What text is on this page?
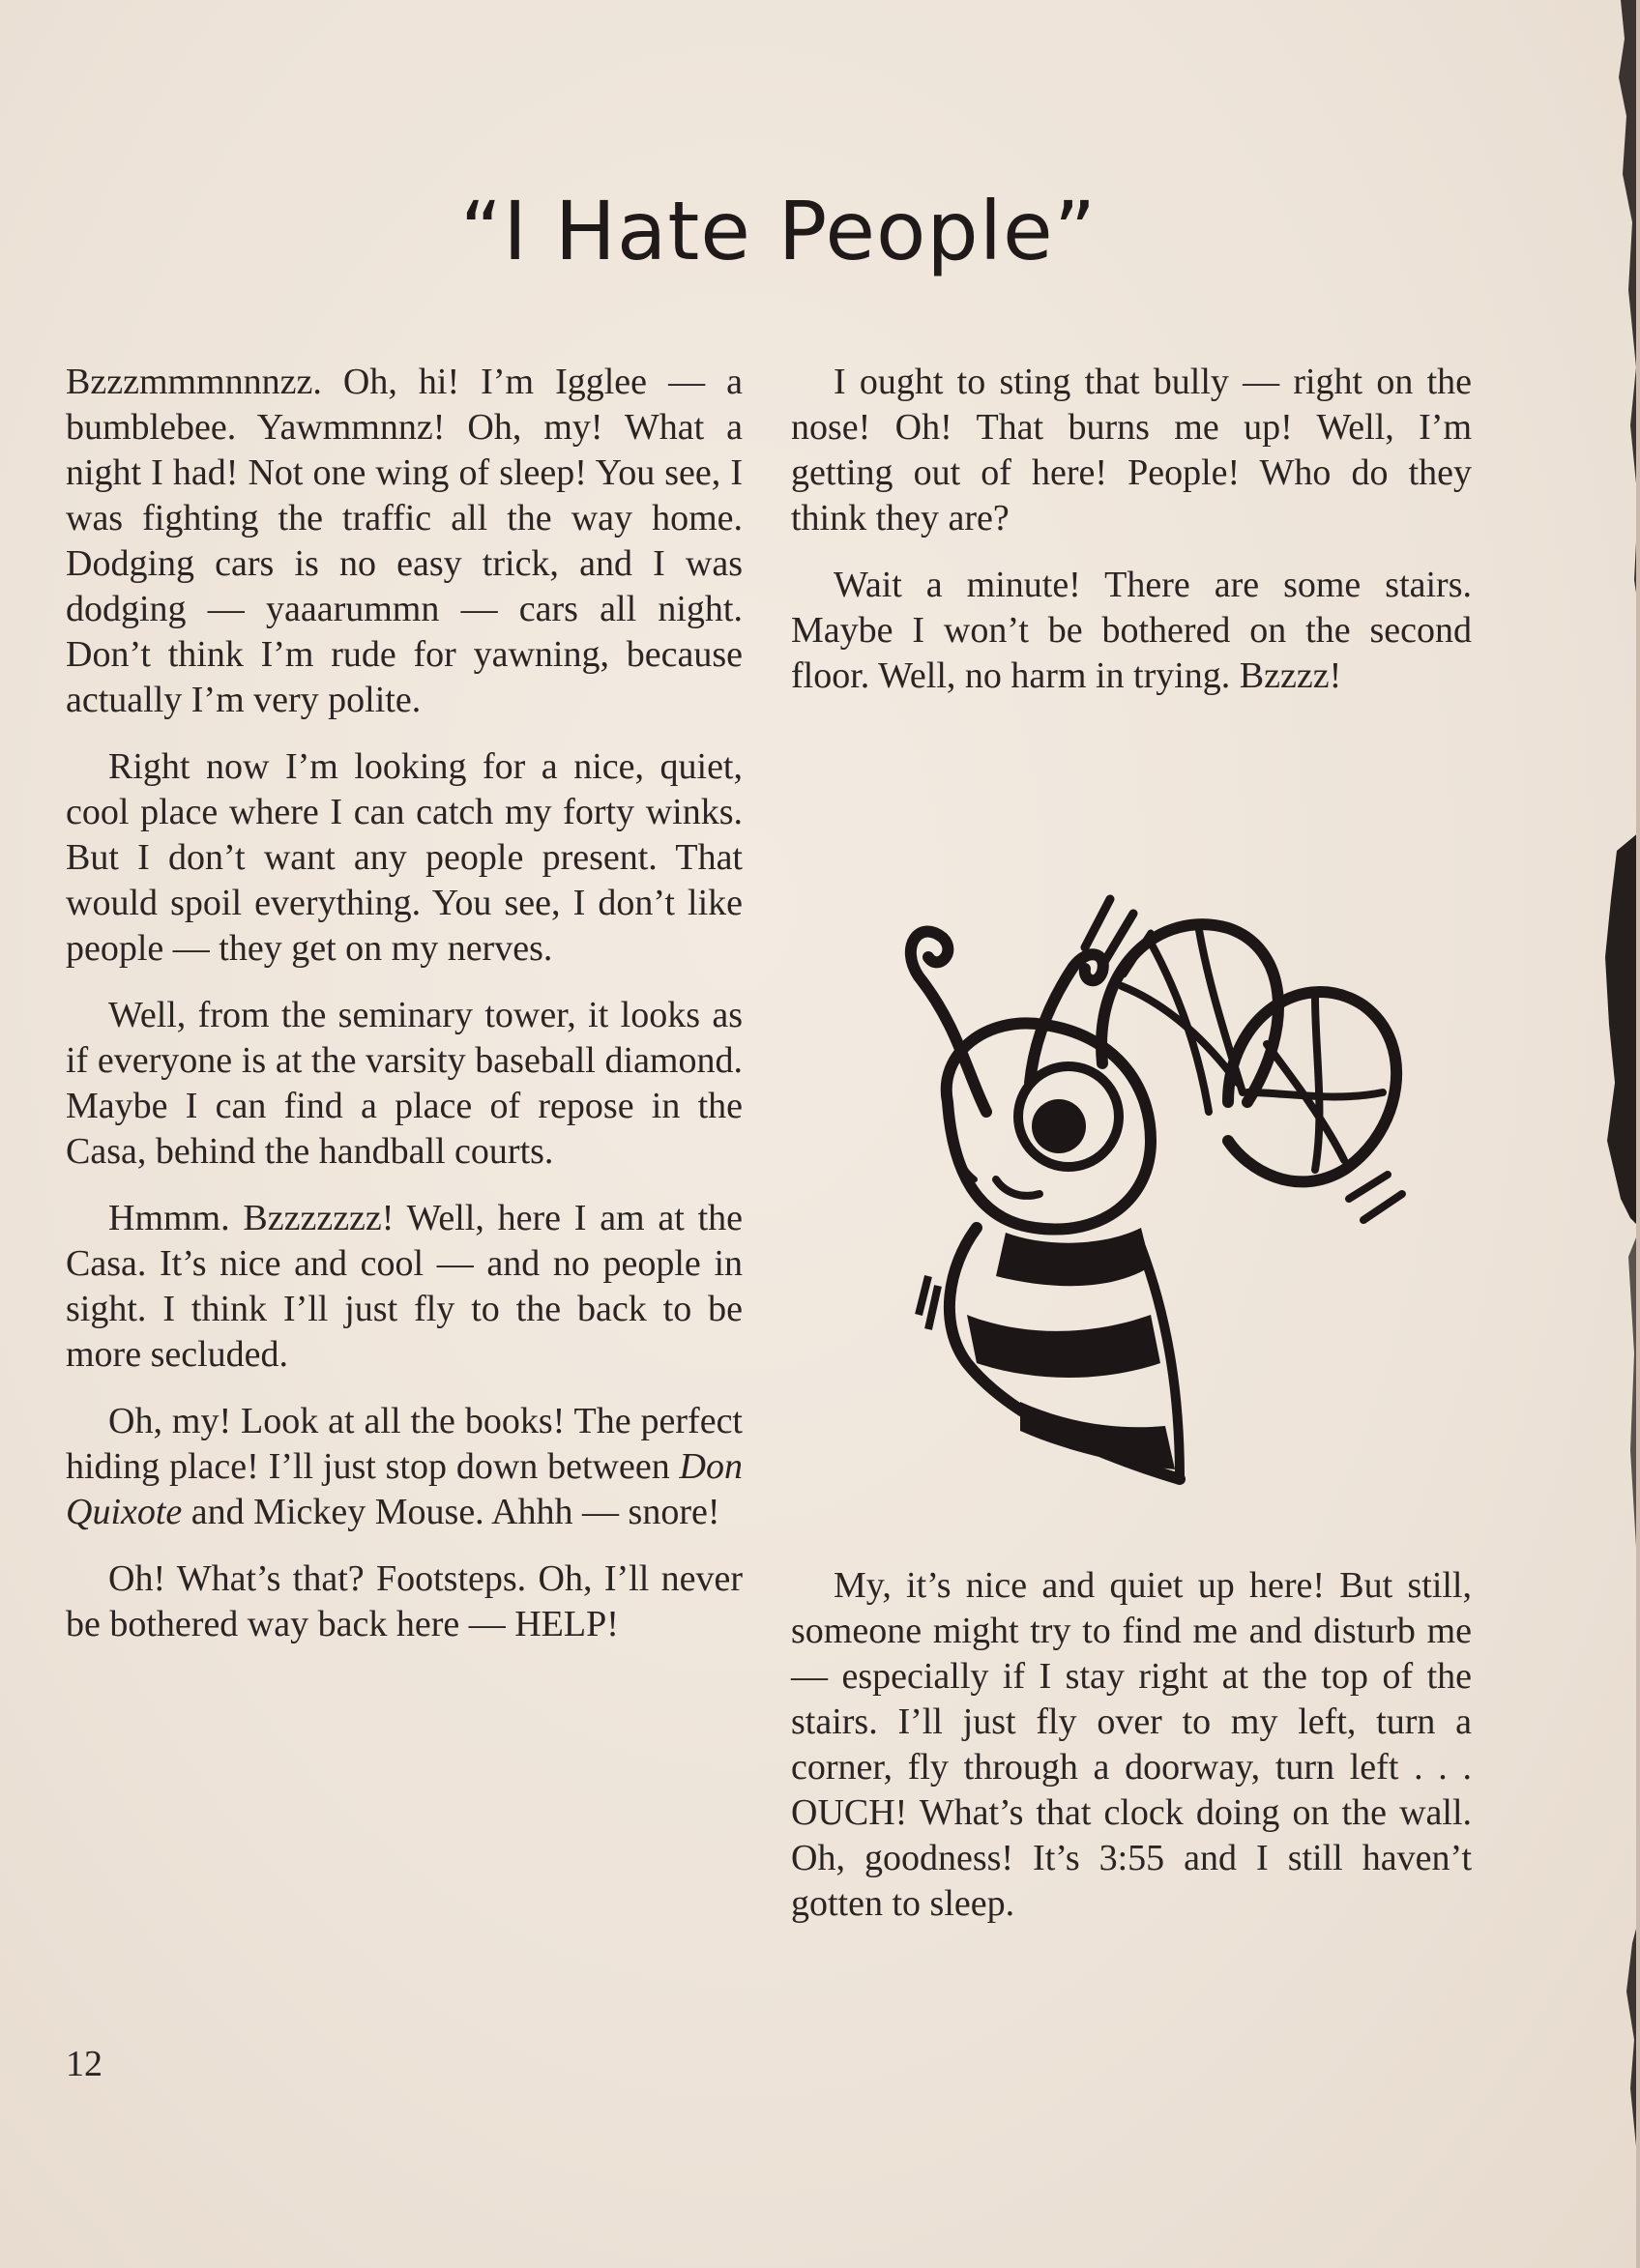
“I Hate People”

Bzzzmmmnnnzz. Oh, hi! I’m Igglee — a bumblebee. Yawmmnnz! Oh, my! What a night I had! Not one wing of sleep! You see, I was fighting the traffic all the way home. Dodging cars is no easy trick, and I was dodging — yaaarummn — cars all night. Don’t think I’m rude for yawning, because actually I’m very polite.

Right now I’m looking for a nice, quiet, cool place where I can catch my forty winks. But I don’t want any people present. That would spoil everything. You see, I don’t like people — they get on my nerves.

Well, from the seminary tower, it looks as if everyone is at the varsity baseball diamond. Maybe I can find a place of repose in the Casa, behind the handball courts.

Hmmm. Bzzzzzzz! Well, here I am at the Casa. It’s nice and cool — and no people in sight. I think I’ll just fly to the back to be more secluded.

Oh, my! Look at all the books! The perfect hiding place! I’ll just stop down between Don Quixote and Mickey Mouse. Ahhh — snore!

Oh! What’s that? Footsteps. Oh, I’ll never be bothered way back here — HELP!

I ought to sting that bully — right on the nose! Oh! That burns me up! Well, I’m getting out of here! People! Who do they think they are?

Wait a minute! There are some stairs. Maybe I won’t be bothered on the second floor. Well, no harm in trying. Bzzzz!

My, it’s nice and quiet up here! But still, someone might try to find me and disturb me — especially if I stay right at the top of the stairs. I’ll just fly over to my left, turn a corner, fly through a doorway, turn left . . . OUCH! What’s that clock doing on the wall. Oh, goodness! It’s 3:55 and I still haven’t gotten to sleep.

12
